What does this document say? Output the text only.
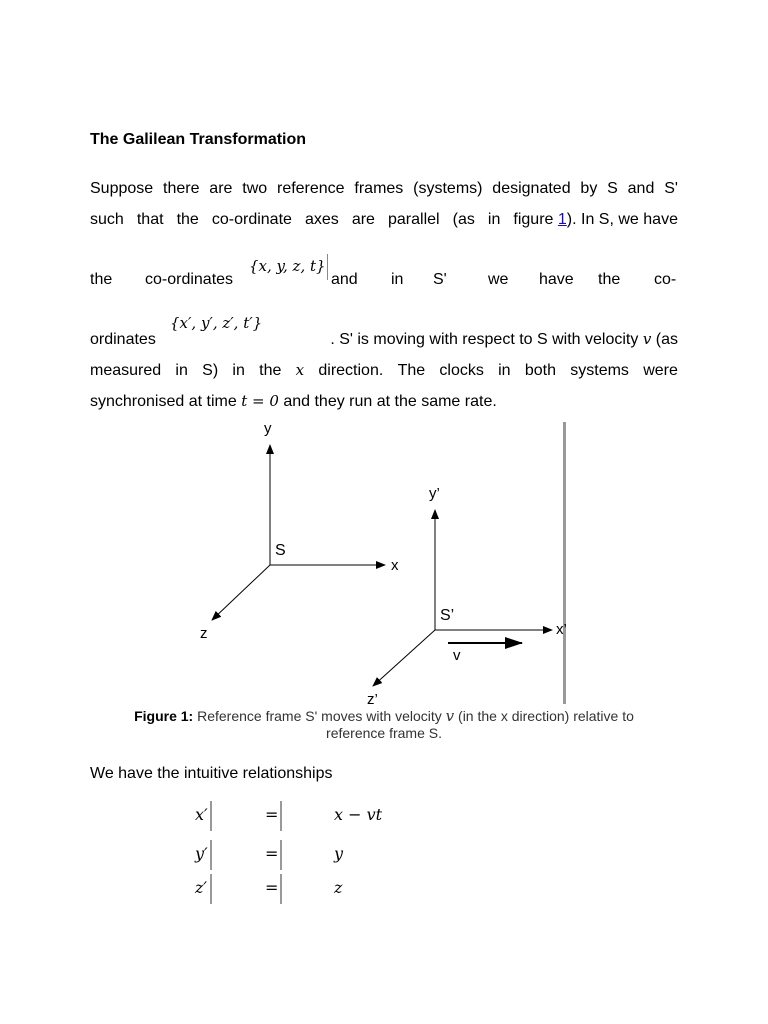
The Galilean Transformation
Suppose there are two reference frames (systems) designated by S and S'
such that the co-ordinate axes are parallel (as in figure 1). In S, we have
the co-ordinates	and in S'	we have the co-
ordinates	. S' is moving with respect to S with velocity v (as
measured in S) in the x direction. The clocks in both systems were
synchronised at time t = 0 and they run at the same rate.
{x, y, z, t}
{x′, y′, z′, t′}
y
S
x
z
y’
S’
x’
z’
v
Figure 1: Reference frame S' moves with velocity v (in the x direction) relative to
reference frame S.
We have the intuitive relationships
x′	=	x − vt
y′	=	y
z′	=	z
